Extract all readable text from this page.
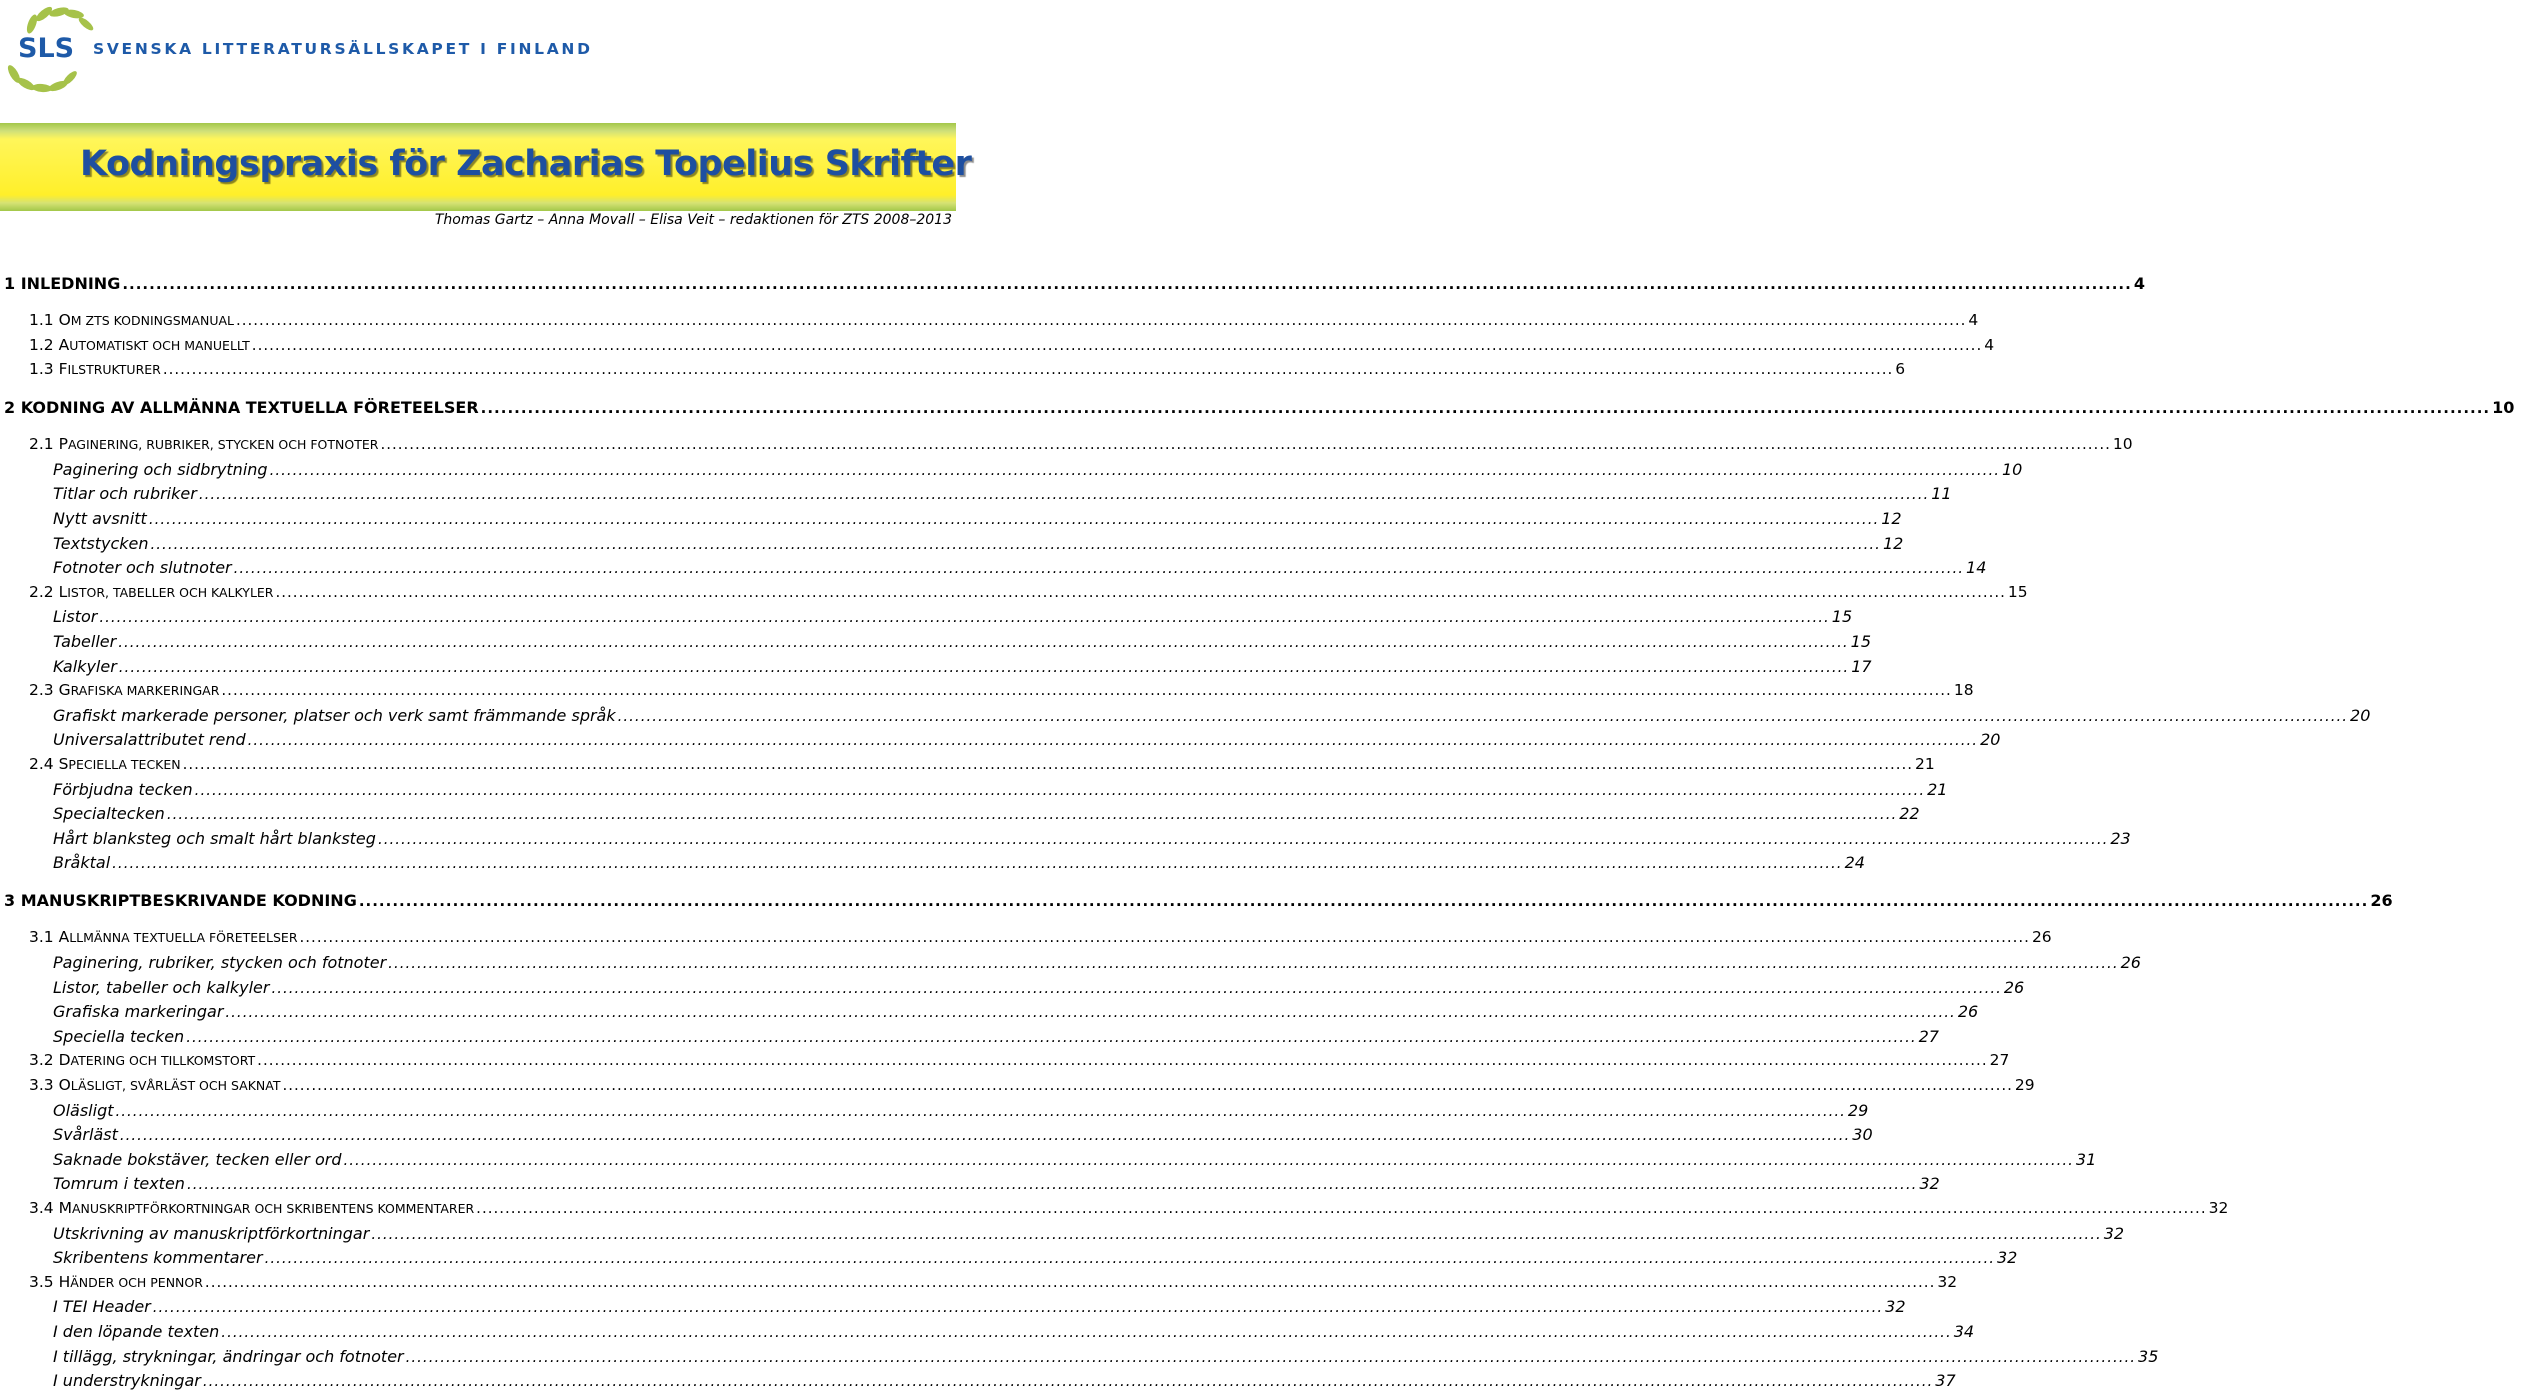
SLS SVENSKA LITTERATURSÄLLSKAPET I FINLAND
Kodningspraxis för Zacharias Topelius Skrifter
Thomas Gartz – Anna Movall – Elisa Veit – redaktionen för ZTS 2008–2013
1 INLEDNING ............................................................................................................................................................................................................................................................................................................ 4
1.1 OM ZTS KODNINGSMANUAL ............................................................................................................................................................................................................................................................................................................ 4
1.2 AUTOMATISKT OCH MANUELLT ............................................................................................................................................................................................................................................................................................................ 4
1.3 FILSTRUKTURER ............................................................................................................................................................................................................................................................................................................ 6
2 KODNING AV ALLMÄNNA TEXTUELLA FÖRETEELSER ............................................................................................................................................................................................................................................................................................................ 10
2.1 PAGINERING, RUBRIKER, STYCKEN OCH FOTNOTER ............................................................................................................................................................................................................................................................................................................ 10
Paginering och sidbrytning ............................................................................................................................................................................................................................................................................................................ 10
Titlar och rubriker ............................................................................................................................................................................................................................................................................................................ 11
Nytt avsnitt ............................................................................................................................................................................................................................................................................................................ 12
Textstycken ............................................................................................................................................................................................................................................................................................................ 12
Fotnoter och slutnoter ............................................................................................................................................................................................................................................................................................................ 14
2.2 LISTOR, TABELLER OCH KALKYLER ............................................................................................................................................................................................................................................................................................................ 15
Listor ............................................................................................................................................................................................................................................................................................................ 15
Tabeller ............................................................................................................................................................................................................................................................................................................ 15
Kalkyler ............................................................................................................................................................................................................................................................................................................ 17
2.3 GRAFISKA MARKERINGAR ............................................................................................................................................................................................................................................................................................................ 18
Grafiskt markerade personer, platser och verk samt främmande språk ............................................................................................................................................................................................................................................................................................................ 20
Universalattributet rend ............................................................................................................................................................................................................................................................................................................ 20
2.4 SPECIELLA TECKEN ............................................................................................................................................................................................................................................................................................................ 21
Förbjudna tecken ............................................................................................................................................................................................................................................................................................................ 21
Specialtecken ............................................................................................................................................................................................................................................................................................................ 22
Hårt blanksteg och smalt hårt blanksteg ............................................................................................................................................................................................................................................................................................................ 23
Bråktal ............................................................................................................................................................................................................................................................................................................ 24
3 MANUSKRIPTBESKRIVANDE KODNING ............................................................................................................................................................................................................................................................................................................ 26
3.1 ALLMÄNNA TEXTUELLA FÖRETEELSER ............................................................................................................................................................................................................................................................................................................ 26
Paginering, rubriker, stycken och fotnoter ............................................................................................................................................................................................................................................................................................................ 26
Listor, tabeller och kalkyler ............................................................................................................................................................................................................................................................................................................ 26
Grafiska markeringar ............................................................................................................................................................................................................................................................................................................ 26
Speciella tecken ............................................................................................................................................................................................................................................................................................................ 27
3.2 DATERING OCH TILLKOMSTORT ............................................................................................................................................................................................................................................................................................................ 27
3.3 OLÄSLIGT, SVÅRLÄST OCH SAKNAT ............................................................................................................................................................................................................................................................................................................ 29
Oläsligt ............................................................................................................................................................................................................................................................................................................ 29
Svårläst ............................................................................................................................................................................................................................................................................................................ 30
Saknade bokstäver, tecken eller ord ............................................................................................................................................................................................................................................................................................................ 31
Tomrum i texten ............................................................................................................................................................................................................................................................................................................ 32
3.4 MANUSKRIPTFÖRKORTNINGAR OCH SKRIBENTENS KOMMENTARER ............................................................................................................................................................................................................................................................................................................ 32
Utskrivning av manuskriptförkortningar ............................................................................................................................................................................................................................................................................................................ 32
Skribentens kommentarer ............................................................................................................................................................................................................................................................................................................ 32
3.5 HÄNDER OCH PENNOR ............................................................................................................................................................................................................................................................................................................ 32
I TEI Header ............................................................................................................................................................................................................................................................................................................ 32
I den löpande texten ............................................................................................................................................................................................................................................................................................................ 34
I tillägg, strykningar, ändringar och fotnoter ............................................................................................................................................................................................................................................................................................................ 35
I understrykningar ............................................................................................................................................................................................................................................................................................................ 37
